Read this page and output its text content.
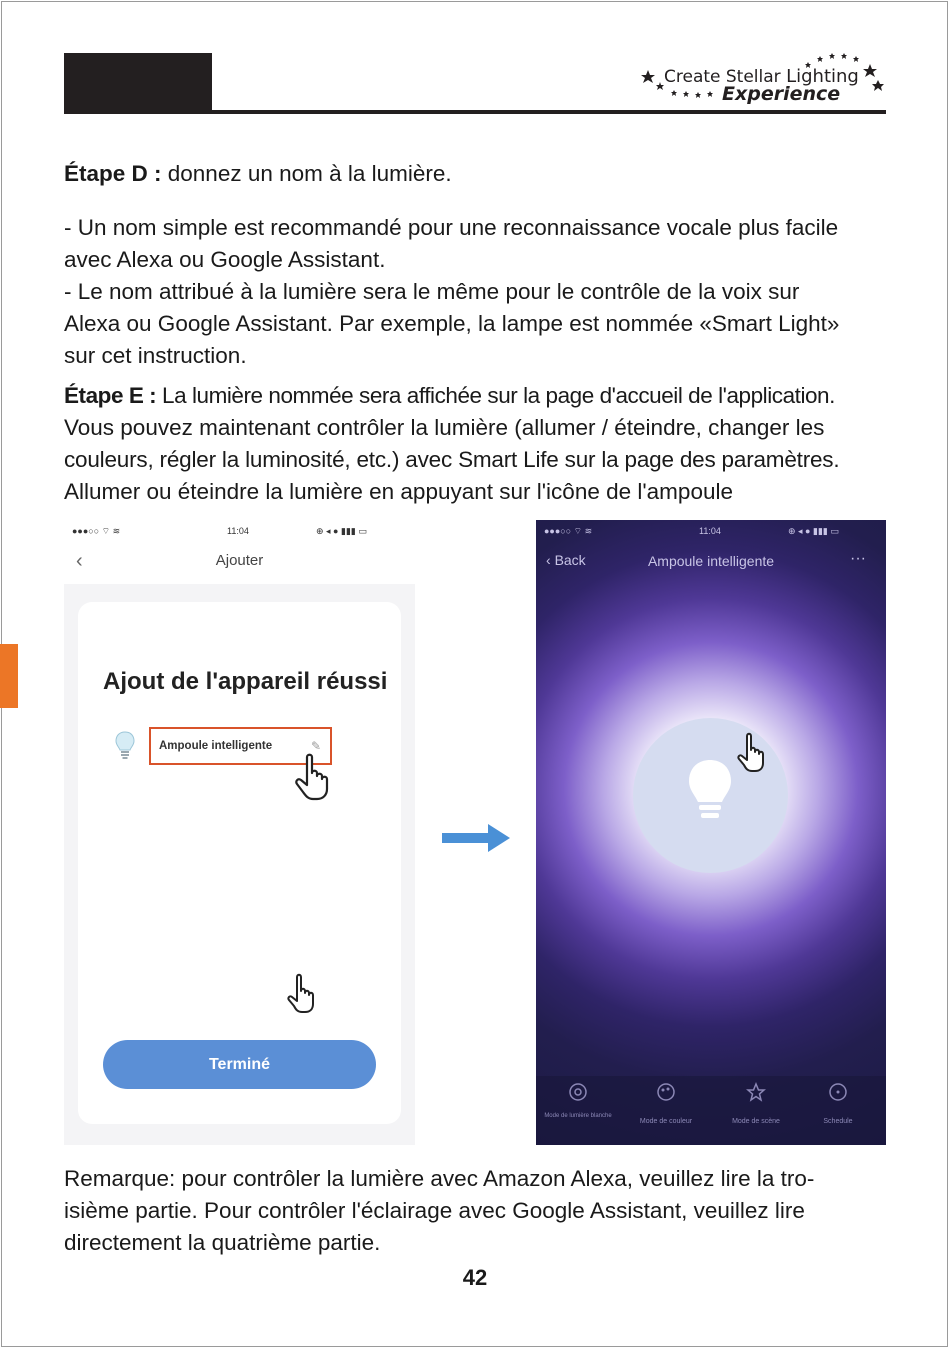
Create Stellar Lighting
Experience
Étape D : donnez un nom à la lumière.
- Un nom simple est recommandé pour une reconnaissance vocale plus facile
avec Alexa ou Google Assistant.
- Le nom attribué à la lumière sera le même pour le contrôle de la voix sur
Alexa ou Google Assistant. Par exemple, la lampe est nommée «Smart Light»
sur cet instruction.
Étape E : La lumière nommée sera affichée sur la page d'accueil de l'application.
Vous pouvez maintenant contrôler la lumière (allumer / éteindre, changer les
couleurs, régler la luminosité, etc.) avec Smart Life sur la page des paramètres.
Allumer ou éteindre la lumière en appuyant sur l'icône de l'ampoule
●●●○○ ⌔ ≋	11:04	⊕ ◂ ● ▮▮▮ ▭
‹	Ajouter
Ajout de l'appareil réussi
Ampoule intelligente	✎
Terminé
●●●○○ ⌔ ≋	11:04	⊕ ◂ ● ▮▮▮ ▭
‹ Back	Ampoule intelligente	···
Mode de lumière blanche
Mode de couleur	Mode de scène	Schedule
Remarque: pour contrôler la lumière avec Amazon Alexa, veuillez lire la tro-
isième partie. Pour contrôler l'éclairage avec Google Assistant, veuillez lire
directement la quatrième partie.
42
